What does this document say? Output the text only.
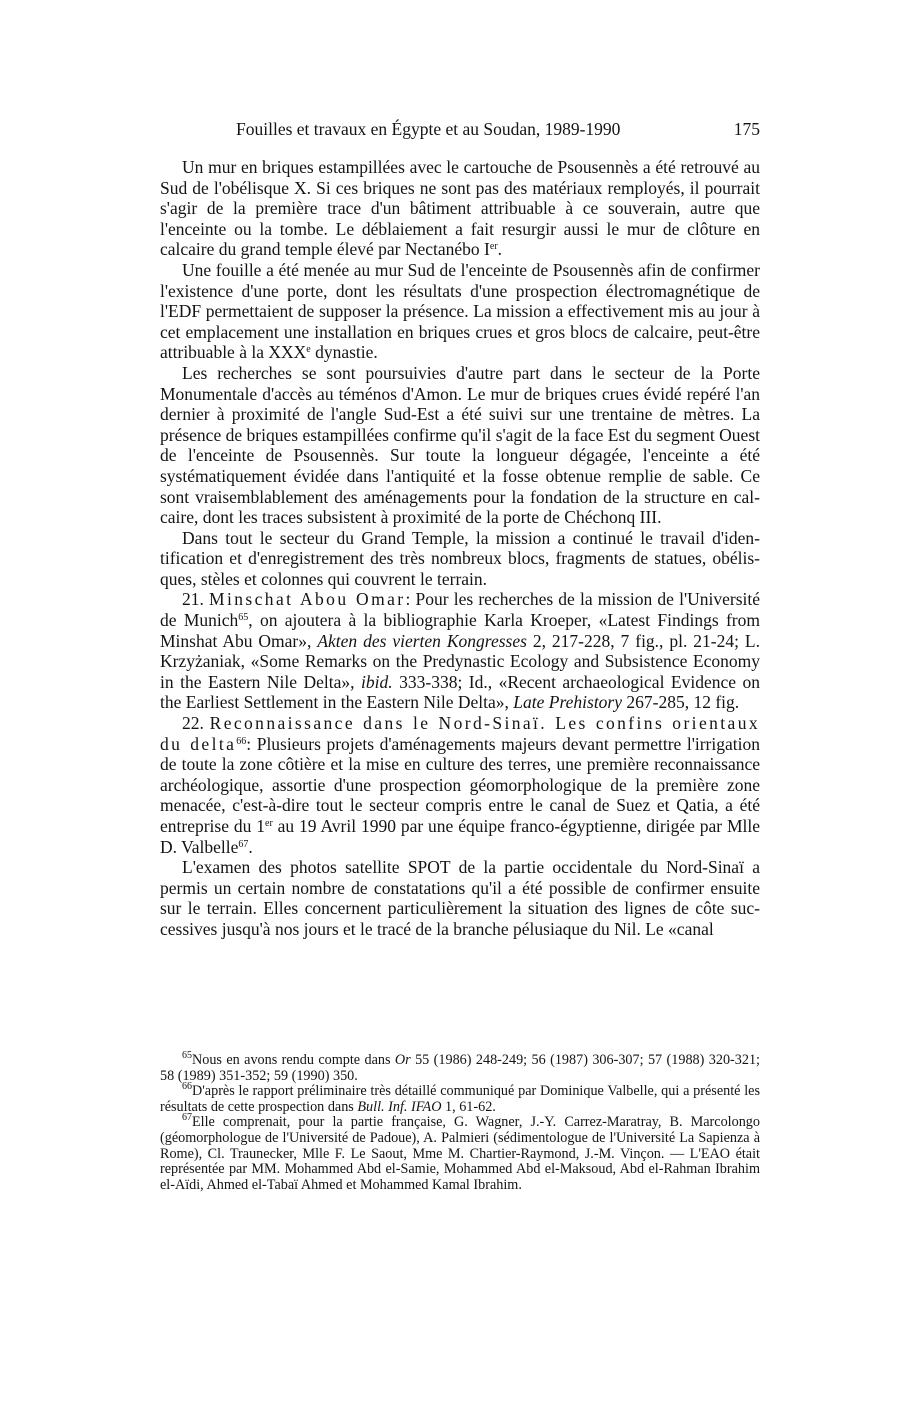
Fouilles et travaux en Égypte et au Soudan, 1989-1990	175

Un mur en briques estampillées avec le cartouche de Psousennès a été retrouvé au Sud de l'obélisque X. Si ces briques ne sont pas des matériaux remployés, il pourrait s'agir de la première trace d'un bâtiment attribuable à ce souverain, autre que l'enceinte ou la tombe. Le déblaiement a fait resurgir aussi le mur de clôture en calcaire du grand temple élevé par Nectanébo Ier.

Une fouille a été menée au mur Sud de l'enceinte de Psousennès afin de confirmer l'existence d'une porte, dont les résultats d'une prospection électromagnétique de l'EDF permettaient de supposer la présence. La mission a effectivement mis au jour à cet emplacement une installation en briques crues et gros blocs de calcaire, peut-être attribuable à la XXXe dynastie.

Les recherches se sont poursuivies d'autre part dans le secteur de la Porte Monumentale d'accès au téménos d'Amon. Le mur de briques crues évidé repéré l'an dernier à proximité de l'angle Sud-Est a été suivi sur une trentaine de mètres. La présence de briques estampillées confirme qu'il s'agit de la face Est du segment Ouest de l'enceinte de Psousennès. Sur toute la longueur dégagée, l'enceinte a été systématiquement évidée dans l'antiquité et la fosse obtenue remplie de sable. Ce sont vraisemblablement des aménagements pour la fondation de la structure en calcaire, dont les traces subsistent à proximité de la porte de Chéchonq III.

Dans tout le secteur du Grand Temple, la mission a continué le travail d'identification et d'enregistrement des très nombreux blocs, fragments de statues, obélisques, stèles et colonnes qui couvrent le terrain.

21. Minschat Abou Omar: Pour les recherches de la mission de l'Université de Munich$^{65}$, on ajoutera à la bibliographie Karla Kroeper, «Latest Findings from Minshat Abu Omar», Akten des vierten Kongresses 2, 217-228, 7 fig., pl. 21-24; L. Krzyżaniak, «Some Remarks on the Predynastic Ecology and Subsistence Economy in the Eastern Nile Delta», ibid. 333-338; Id., «Recent archaeological Evidence on the Earliest Settlement in the Eastern Nile Delta», Late Prehistory 267-285, 12 fig.

22. Reconnaissance dans le Nord-Sinaï. Les confins orientaux du delta$^{66}$: Plusieurs projets d'aménagements majeurs devant permettre l'irrigation de toute la zone côtière et la mise en culture des terres, une première reconnaissance archéologique, assortie d'une prospection géomorphologique de la première zone menacée, c'est-à-dire tout le secteur compris entre le canal de Suez et Qatia, a été entreprise du 1er au 19 Avril 1990 par une équipe franco-égyptienne, dirigée par Mlle D. Valbelle$^{67}$.

L'examen des photos satellite SPOT de la partie occidentale du Nord-Sinaï a permis un certain nombre de constatations qu'il a été possible de confirmer ensuite sur le terrain. Elles concernent particulièrement la situation des lignes de côte successives jusqu'à nos jours et le tracé de la branche pélusiaque du Nil. Le «canal

$^{65}$Nous en avons rendu compte dans Or 55 (1986) 248-249; 56 (1987) 306-307; 57 (1988) 320-321; 58 (1989) 351-352; 59 (1990) 350.

$^{66}$D'après le rapport préliminaire très détaillé communiqué par Dominique Valbelle, qui a présenté les résultats de cette prospection dans Bull. Inf. IFAO 1, 61-62.

$^{67}$Elle comprenait, pour la partie française, G. Wagner, J.-Y. Carrez-Maratray, B. Marcolongo (géomorphologue de l'Université de Padoue), A. Palmieri (sédimentologue de l'Université La Sapienza à Rome), Cl. Traunecker, Mlle F. Le Saout, Mme M. Chartier-Raymond, J.-M. Vinçon. — L'EAO était représentée par MM. Mohammed Abd el-Samie, Mohammed Abd el-Maksoud, Abd el-Rahman Ibrahim el-Aïdi, Ahmed el-Tabaï Ahmed et Mohammed Kamal Ibrahim.
